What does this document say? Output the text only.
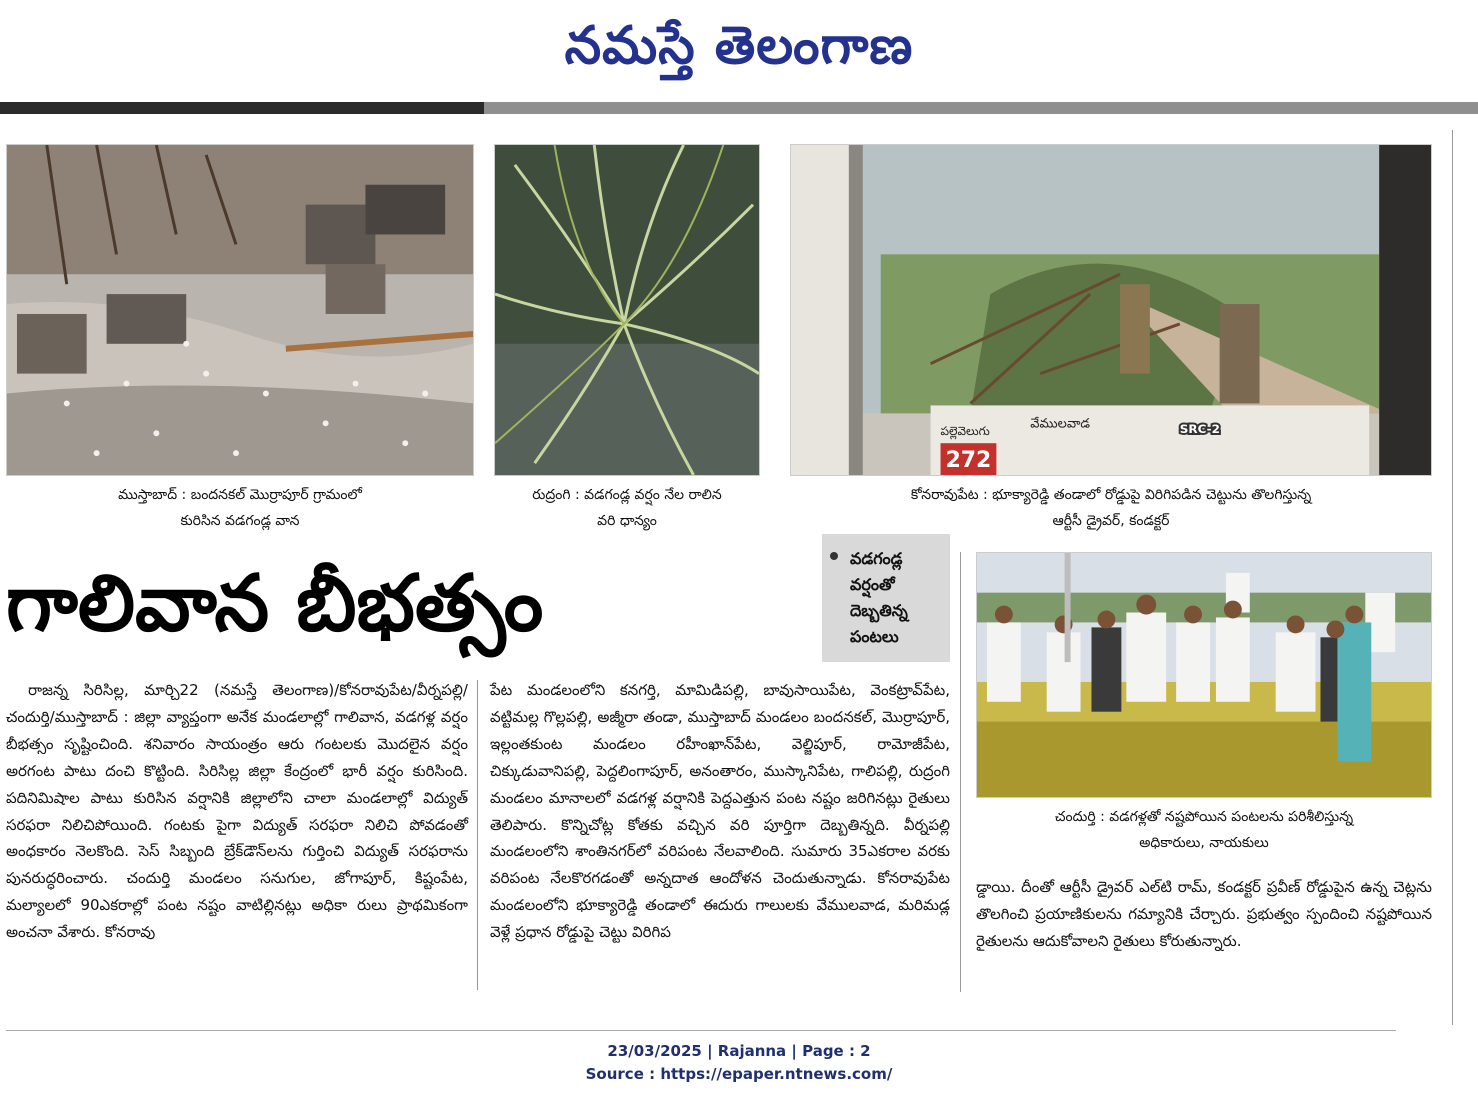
నమస్తే తెలంగాణ
ముస్తాబాద్ : బందనకల్ మొర్రాపూర్ గ్రామంలో
కురిసిన వడగండ్ల వాన
రుద్రంగి : వడగండ్ల వర్షం నేల రాలిన
వరి ధాన్యం
272
పల్లెవెలుగు	వేములవాడ	SRC-2
కోనరావుపేట : భూక్యారెడ్డి తండాలో రోడ్డుపై విరిగిపడిన చెట్టును తొలగిస్తున్న
ఆర్టీసీ డ్రైవర్, కండక్టర్
గాలివాన బీభత్సం
వడగండ్ల
వర్షంతో
దెబ్బతిన్న
పంటలు
చందుర్తి : వడగళ్లతో నష్టపోయిన పంటలను పరిశీలిస్తున్న
అధికారులు, నాయకులు

రాజన్న సిరిసిల్ల, మార్చి22 (నమస్తే తెలంగాణ)/కోనరావుపేట/వీర్నపల్లి/చందుర్తి/ముస్తాబాద్ : జిల్లా వ్యాప్తంగా అనేక మండలాల్లో గాలివాన, వడగళ్ల వర్షం బీభత్సం సృష్టించింది. శనివారం సాయంత్రం ఆరు గంటలకు మొదలైన వర్షం అరగంట పాటు దంచి కొట్టింది. సిరిసిల్ల జిల్లా కేంద్రంలో భారీ వర్షం కురిసింది. పదినిమిషాల పాటు కురిసిన వర్షానికి జిల్లాలోని చాలా మండలాల్లో విద్యుత్ సరఫరా నిలిచిపోయింది. గంటకు పైగా విద్యుత్ సరఫరా నిలిచి పోవడంతో అంధకారం నెలకొంది. సెస్ సిబ్బంది బ్రేక్‌డౌన్‌లను గుర్తించి విద్యుత్ సరఫరాను పునరుద్ధరించారు. చందుర్తి మండలం సనుగుల, జోగాపూర్, కిష్టంపేట, మల్యాలలో 90ఎకరాల్లో పంట నష్టం వాటిల్లినట్లు అధికా రులు ప్రాథమికంగా అంచనా వేశారు. కోనరావు

పేట మండలంలోని కనగర్తి, మామిడిపల్లి, బావుసాయిపేట, వెంకట్రావ్‌పేట, వట్టిమల్ల గొల్లపల్లి, అజ్మీరా తండా, ముస్తాబాద్ మండలం బందనకల్, మొర్రాపూర్, ఇల్లంతకుంట మండలం రహీంఖాన్‌పేట, వెల్జిపూర్, రామోజీపేట, చిక్కుడువానిపల్లి, పెద్దలింగాపూర్, అనంతారం, ముస్కానిపేట, గాలిపల్లి, రుద్రంగి మండలం మానాలలో వడగళ్ల వర్షానికి పెద్దఎత్తున పంట నష్టం జరిగినట్లు రైతులు తెలిపారు. కొన్నిచోట్ల కోతకు వచ్చిన వరి పూర్తిగా దెబ్బతిన్నది. వీర్నపల్లి మండలంలోని శాంతినగర్‌లో వరిపంట నేలవాలింది. సుమారు 35ఎకరాల వరకు వరిపంట నేలకొరగడంతో అన్నదాత ఆందోళన చెందుతున్నాడు. కోనరావుపేట మండలంలోని భూక్యారెడ్డి తండాలో ఈదురు గాలులకు వేములవాడ, మరిమడ్ల వెళ్లే ప్రధాన రోడ్డుపై చెట్టు విరిగిప

డ్డాయి. దీంతో ఆర్టీసీ డ్రైవర్ ఎల్‌టి రామ్, కండక్టర్ ప్రవీణ్ రోడ్డుపైన ఉన్న చెట్లను తొలగించి ప్రయాణికులను గమ్యానికి చేర్చారు. ప్రభుత్వం స్పందించి నష్టపోయిన రైతులను ఆదుకోవాలని రైతులు కోరుతున్నారు.

23/03/2025 | Rajanna | Page : 2
Source : https://epaper.ntnews.com/
